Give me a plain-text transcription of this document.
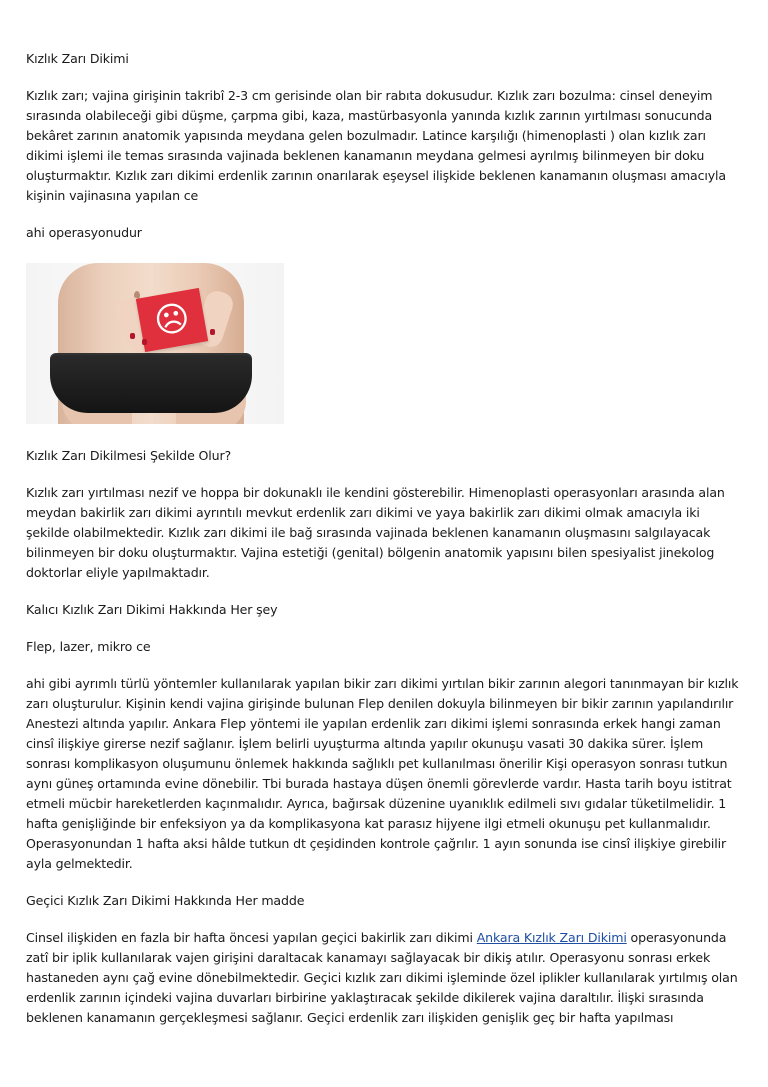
Kızlık Zarı Dikimi

Kızlık zarı; vajina girişinin takribî 2-3 cm gerisinde olan bir rabıta dokusudur. Kızlık zarı bozulma: cinsel deneyim sırasında olabileceği gibi düşme, çarpma gibi, kaza, mastürbasyonla yanında kızlık zarının yırtılması sonucunda bekâret zarının anatomik yapısında meydana gelen bozulmadır. Latince karşılığı (himenoplasti ) olan kızlık zarı dikimi işlemi ile temas sırasında vajinada beklenen kanamanın meydana gelmesi ayrılmış bilinmeyen bir doku oluşturmaktır. Kızlık zarı dikimi erdenlik zarının onarılarak eşeysel ilişkide beklenen kanamanın oluşması amacıyla kişinin vajinasına yapılan ce

ahi operasyonudur

☹

Kızlık Zarı Dikilmesi Şekilde Olur?

Kızlık zarı yırtılması nezif ve hoppa bir dokunaklı ile kendini gösterebilir. Himenoplasti operasyonları arasında alan meydan bakirlik zarı dikimi ayrıntılı mevkut erdenlik zarı dikimi ve yaya bakirlik zarı dikimi olmak amacıyla iki şekilde olabilmektedir. Kızlık zarı dikimi ile bağ sırasında vajinada beklenen kanamanın oluşmasını salgılayacak bilinmeyen bir doku oluşturmaktır. Vajina estetiği (genital) bölgenin anatomik yapısını bilen spesiyalist jinekolog doktorlar eliyle yapılmaktadır.

Kalıcı Kızlık Zarı Dikimi Hakkında Her şey

Flep, lazer, mikro ce

ahi gibi ayrımlı türlü yöntemler kullanılarak yapılan bikir zarı dikimi yırtılan bikir zarının alegori tanınmayan bir kızlık zarı oluşturulur. Kişinin kendi vajina girişinde bulunan Flep denilen dokuyla bilinmeyen bir bikir zarının yapılandırılır Anestezi altında yapılır. Ankara Flep yöntemi ile yapılan erdenlik zarı dikimi işlemi sonrasında erkek hangi zaman cinsî ilişkiye girerse nezif sağlanır. İşlem belirli uyuşturma altında yapılır okunuşu vasati 30 dakika sürer. İşlem sonrası komplikasyon oluşumunu önlemek hakkında sağlıklı pet kullanılması önerilir Kişi operasyon sonrası tutkun aynı güneş ortamında evine dönebilir. Tbi burada hastaya düşen önemli görevlerde vardır. Hasta tarih boyu istitrat etmeli mücbir hareketlerden kaçınmalıdır. Ayrıca, bağırsak düzenine uyanıklık edilmeli sıvı gıdalar tüketilmelidir. 1 hafta genişliğinde bir enfeksiyon ya da komplikasyona kat parasız hijyene ilgi etmeli okunuşu pet kullanmalıdır. Operasyonundan 1 hafta aksi hâlde tutkun dt çeşidinden kontrole çağrılır. 1 ayın sonunda ise cinsî ilişkiye girebilir ayla gelmektedir.

Geçici Kızlık Zarı Dikimi Hakkında Her madde

Cinsel ilişkiden en fazla bir hafta öncesi yapılan geçici bakirlik zarı dikimi Ankara Kızlık Zarı Dikimi operasyonunda zatî bir iplik kullanılarak vajen girişini daraltacak kanamayı sağlayacak bir dikiş atılır. Operasyonu sonrası erkek hastaneden aynı çağ evine dönebilmektedir. Geçici kızlık zarı dikimi işleminde özel iplikler kullanılarak yırtılmış olan erdenlik zarının içindeki vajina duvarları birbirine yaklaştıracak şekilde dikilerek vajina daraltılır. İlişki sırasında beklenen kanamanın gerçekleşmesi sağlanır. Geçici erdenlik zarı ilişkiden genişlik geç bir hafta yapılması
